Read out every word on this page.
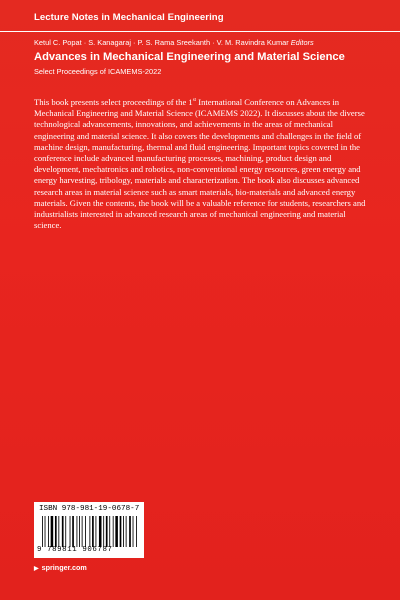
Lecture Notes in Mechanical Engineering
Ketul C. Popat · S. Kanagaraj · P. S. Rama Sreekanth · V. M. Ravindra Kumar Editors
Advances in Mechanical Engineering and Material Science
Select Proceedings of ICAMEMS-2022

This book presents select proceedings of the 1st International Conference on Advances in Mechanical Engineering and Material Science (ICAMEMS 2022). It discusses about the diverse technological advancements, innovations, and achievements in the areas of mechanical engineering and material science. It also covers the developments and challenges in the field of machine design, manufacturing, thermal and fluid engineering. Important topics covered in the conference include advanced manufacturing processes, machining, product design and development, mechatronics and robotics, non-conventional energy resources, green energy and energy harvesting, tribology, materials and characterization. The book also discusses advanced research areas in material science such as smart materials, bio-materials and advanced energy materials. Given the contents, the book will be a valuable reference for students, researchers and industrialists interested in advanced research areas of mechanical engineering and material science.

ISBN 978-981-19-0678-7
9 789811 906787
▶ springer.com
